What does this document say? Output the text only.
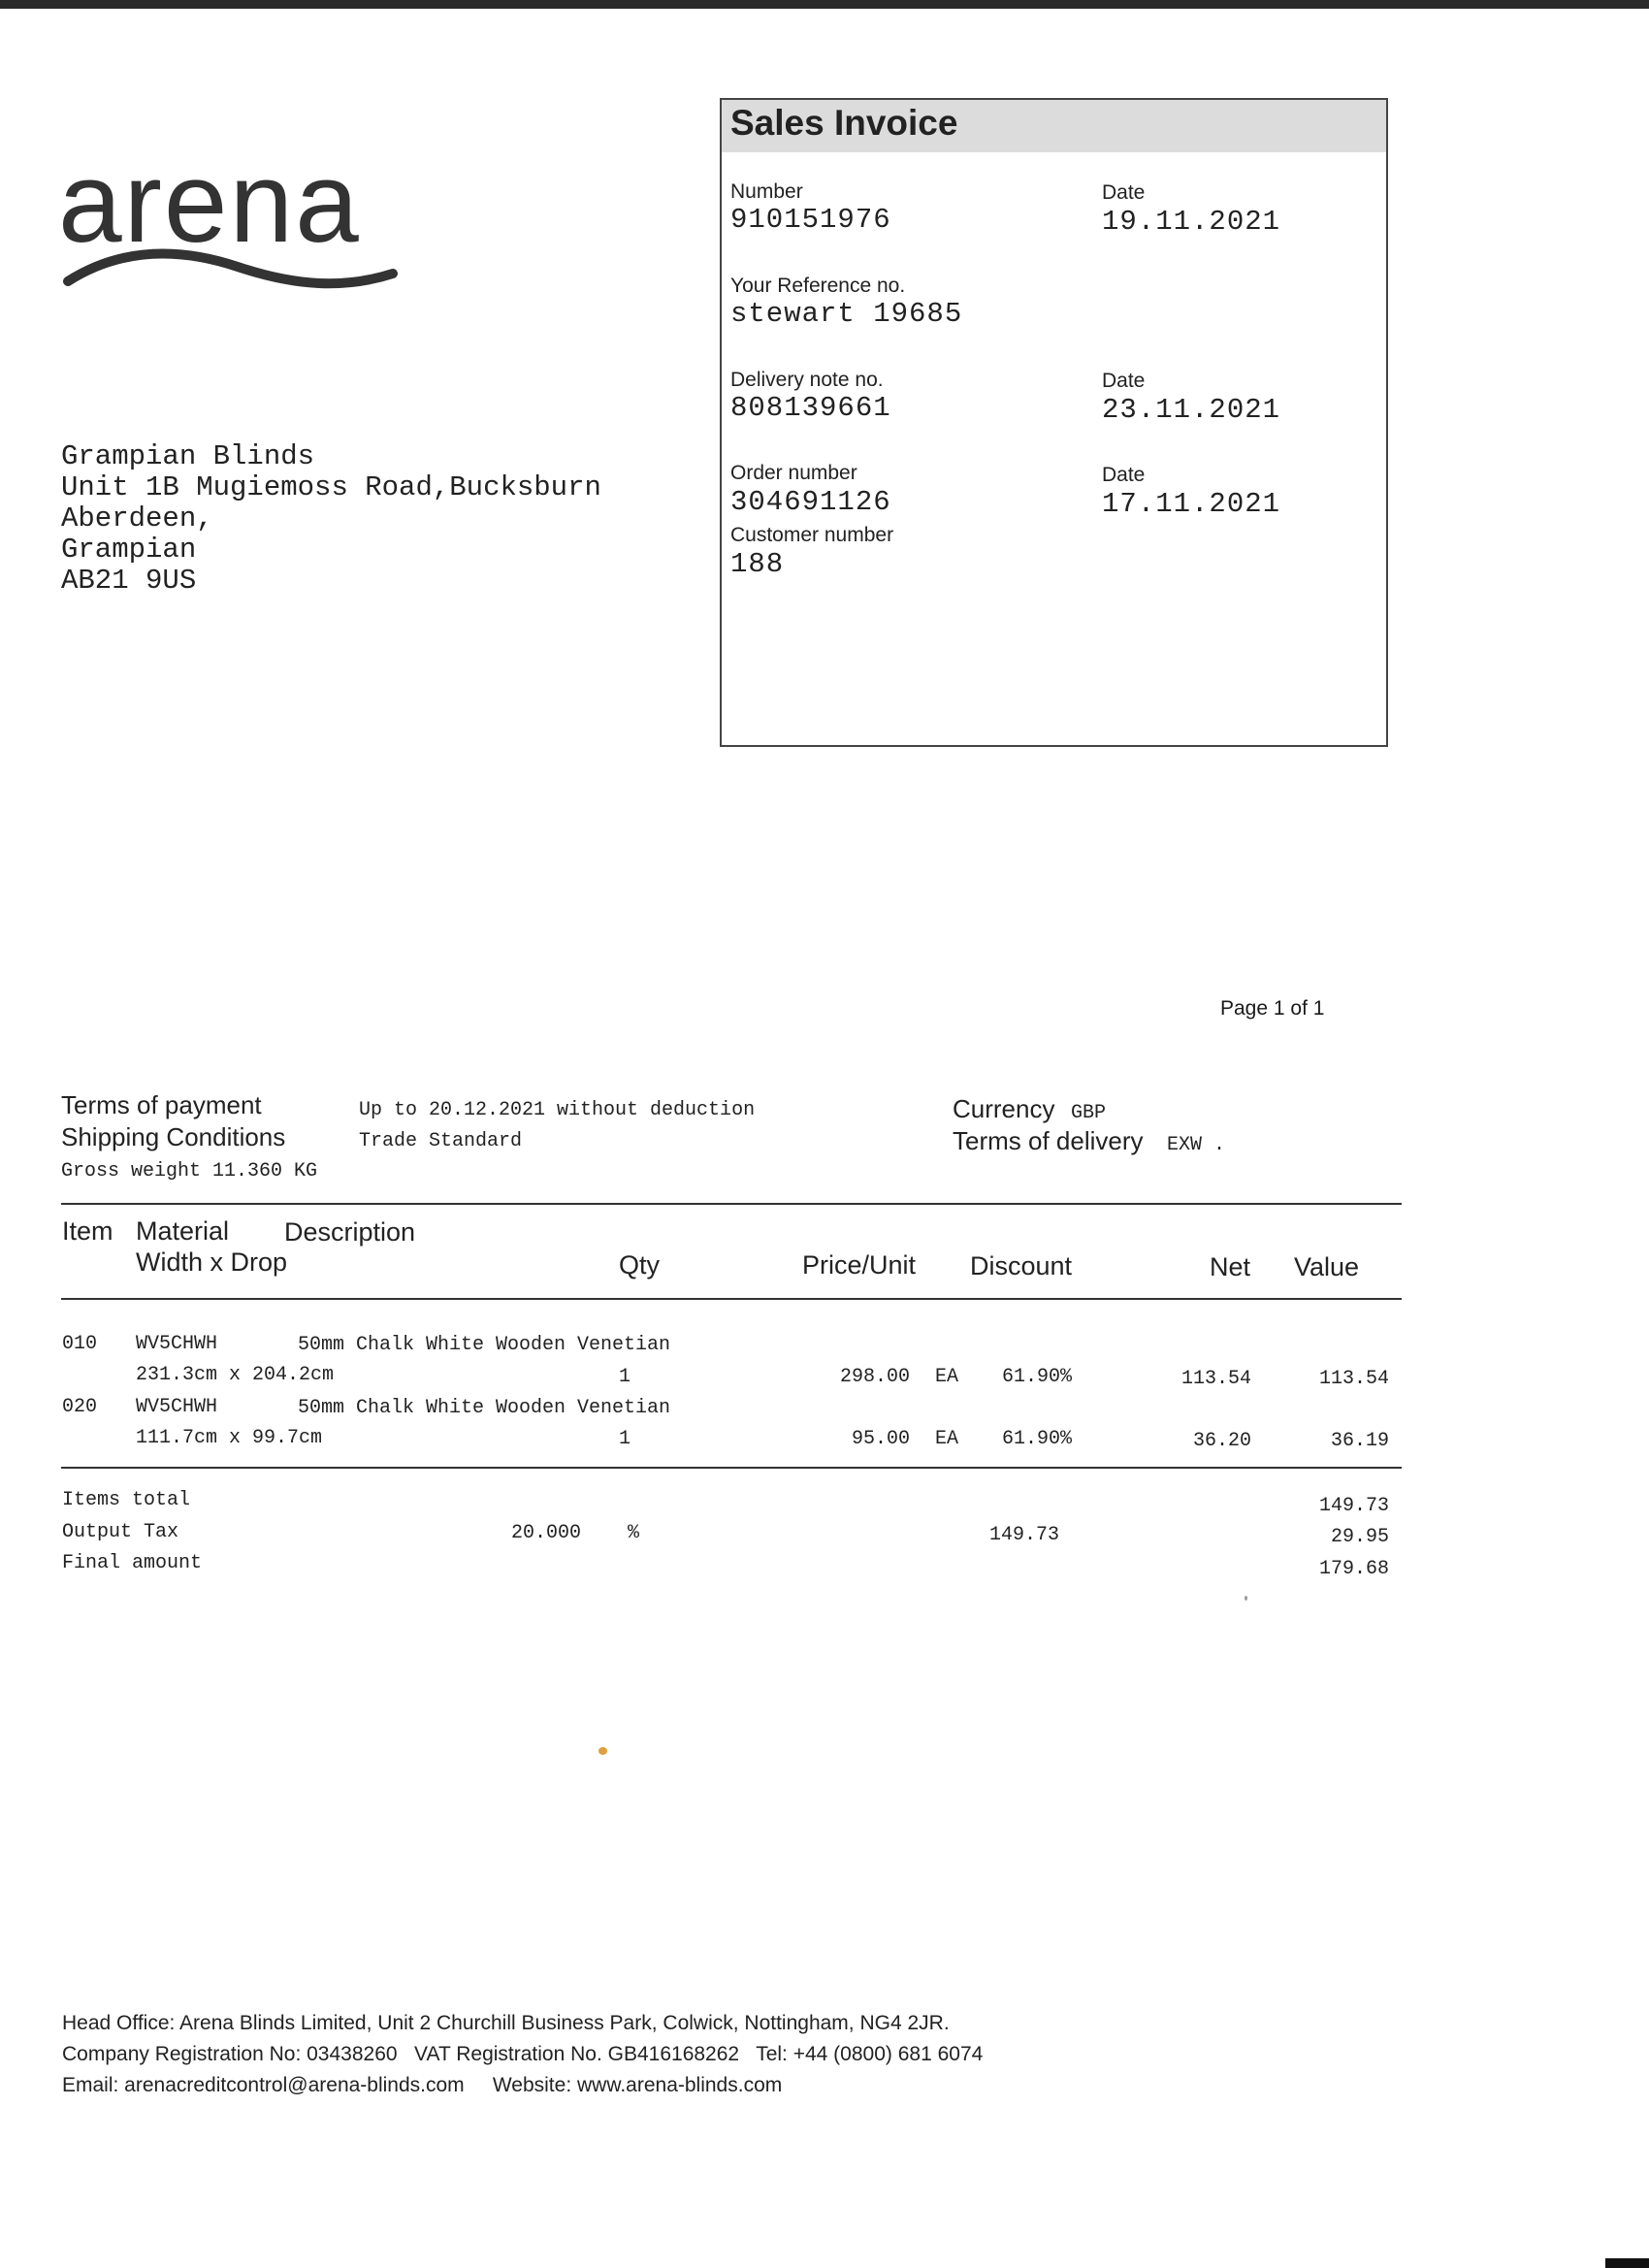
arena
Grampian Blinds
Unit 1B Mugiemoss Road,Bucksburn
Aberdeen,
Grampian
AB21 9US
Sales Invoice
Number
910151976
Date
19.11.2021
Your Reference no.
stewart 19685
Delivery note no.
808139661
Date
23.11.2021
Order number
304691126
Date
17.11.2021
Customer number
188
Page 1 of 1
Terms of payment	Up to 20.12.2021 without deduction
Shipping Conditions	Trade Standard
Gross weight 11.360 KG
Currency GBP
Terms of delivery EXW .
Item Material Description
Width x Drop	Qty	Price/Unit Discount	Net Value
010 WV5CHWH	50mm Chalk White Wooden Venetian
231.3cm x 204.2cm	1	298.00 EA 61.90%	113.54	113.54
020 WV5CHWH	50mm Chalk White Wooden Venetian
111.7cm x 99.7cm	1	95.00 EA 61.90%	36.20	36.19
Items total	149.73
Output Tax	20.000 %	149.73	29.95
Final amount	179.68
Head Office: Arena Blinds Limited, Unit 2 Churchill Business Park, Colwick, Nottingham, NG4 2JR.
Company Registration No: 03438260   VAT Registration No. GB416168262   Tel: +44 (0800) 681 6074
Email: arenacreditcontrol@arena-blinds.com     Website: www.arena-blinds.com
